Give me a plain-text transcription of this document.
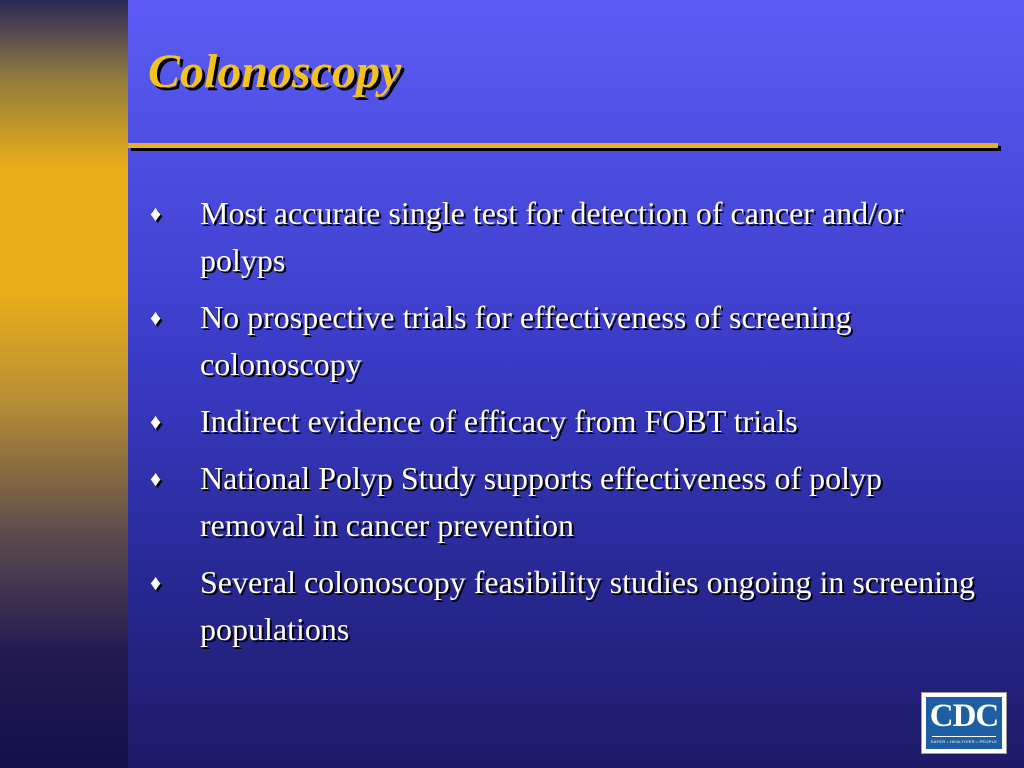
Colonoscopy
♦ Most accurate single test for detection of cancer and/or polyps
♦ No prospective trials for effectiveness of screening colonoscopy
♦ Indirect evidence of efficacy from FOBT trials
♦ National Polyp Study supports effectiveness of polyp removal in cancer prevention
♦ Several colonoscopy feasibility studies ongoing in screening populations
CDC
SAFER • HEALTHIER • PEOPLE
